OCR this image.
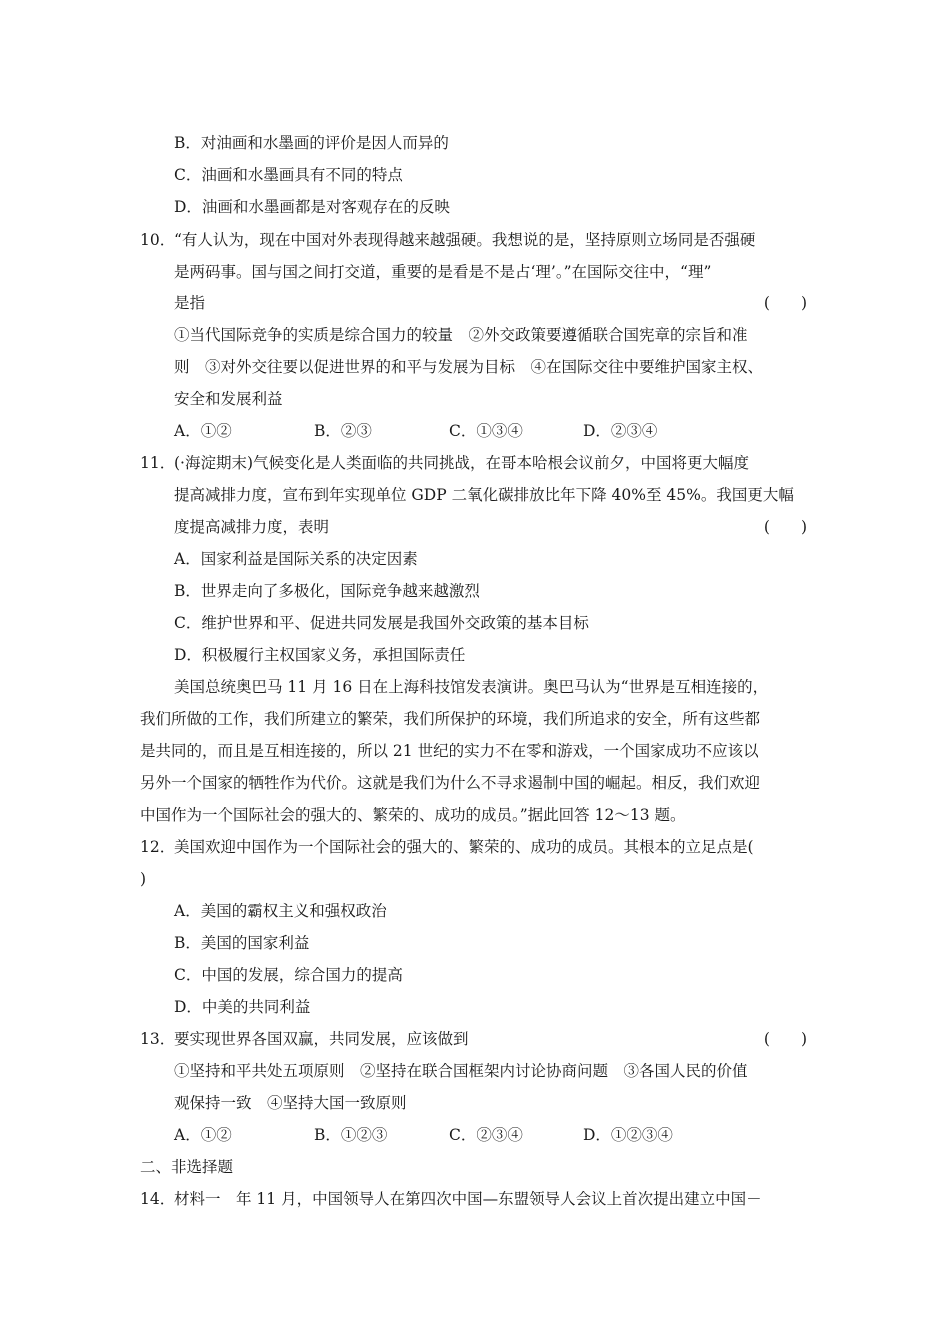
B．对油画和水墨画的评价是因人而异的
C．油画和水墨画具有不同的特点
D．油画和水墨画都是对客观存在的反映
10．
“有人认为，现在中国对外表现得越来越强硬。我想说的是，坚持原则立场同是否强硬
是两码事。国与国之间打交道，重要的是看是不是占‘理’。”在国际交往中，“理”
是指	(　　)
①当代国际竞争的实质是综合国力的较量　②外交政策要遵循联合国宪章的宗旨和准
则　③对外交往要以促进世界的和平与发展为目标　④在国际交往中要维护国家主权、
安全和发展利益
A．①②	B．②③	C．①③④	D．②③④
11．
(·海淀期末)气候变化是人类面临的共同挑战，在哥本哈根会议前夕，中国将更大幅度
提高减排力度，宣布到年实现单位 GDP 二氧化碳排放比年下降 40%至 45%。我国更大幅
度提高减排力度，表明	(　　)
A．国家利益是国际关系的决定因素
B．世界走向了多极化，国际竞争越来越激烈
C．维护世界和平、促进共同发展是我国外交政策的基本目标
D．积极履行主权国家义务，承担国际责任
美国总统奥巴马 11 月 16 日在上海科技馆发表演讲。奥巴马认为“世界是互相连接的，
我们所做的工作，我们所建立的繁荣，我们所保护的环境，我们所追求的安全，所有这些都
是共同的，而且是互相连接的，所以 21 世纪的实力不在零和游戏，一个国家成功不应该以
另外一个国家的牺牲作为代价。这就是我们为什么不寻求遏制中国的崛起。相反，我们欢迎
中国作为一个国际社会的强大的、繁荣的、成功的成员。”据此回答 12～13 题。
12．
美国欢迎中国作为一个国际社会的强大的、繁荣的、成功的成员。其根本的立足点是(
)
A．美国的霸权主义和强权政治
B．美国的国家利益
C．中国的发展，综合国力的提高
D．中美的共同利益
13．
要实现世界各国双赢，共同发展，应该做到	(　　)
①坚持和平共处五项原则　②坚持在联合国框架内讨论协商问题　③各国人民的价值
观保持一致　④坚持大国一致原则
A．①②	B．①②③	C．②③④	D．①②③④
二、非选择题
14．
材料一　年 11 月，中国领导人在第四次中国—东盟领导人会议上首次提出建立中国－
